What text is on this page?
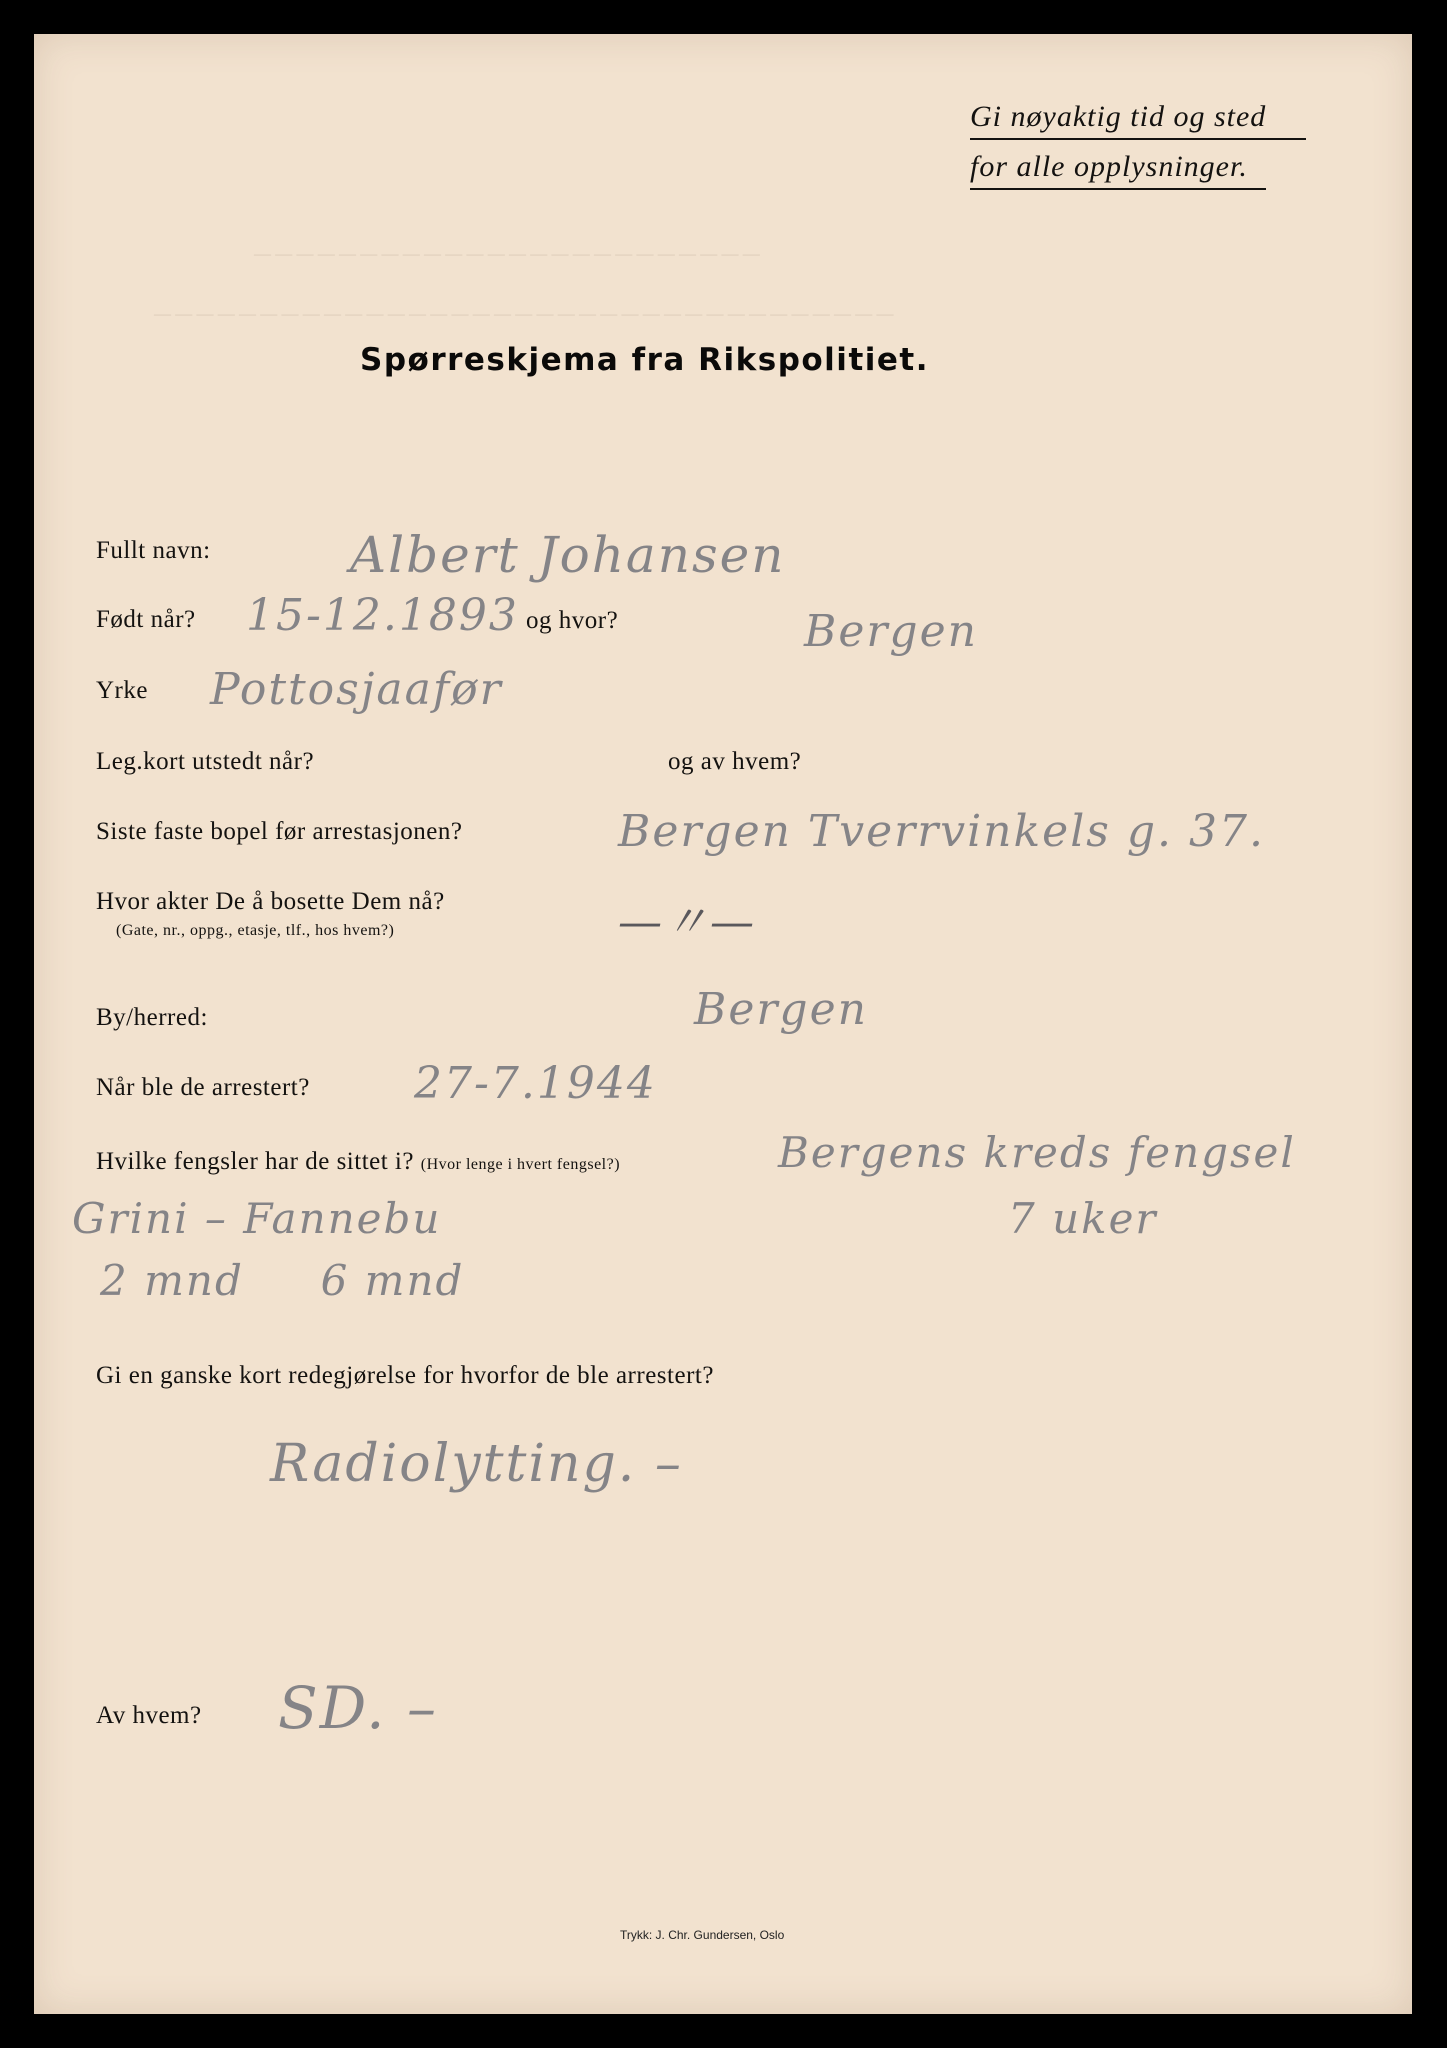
— — — — — — — — — — — — — — — — — — — — — — — —
— — — — — — — — — — — — — — — — — — — — — — — — — — — — — — — — — — —
Gi nøyaktig tid og sted
for alle opplysninger.
Spørreskjema fra Rikspolitiet.
Fullt navn:	Albert Johansen
Født når? 15-12.1893 og hvor?	Bergen
Yrke Pottosjaafør
Leg.kort utstedt når?	og av hvem?
Siste faste bopel før arrestasjonen?	Bergen Tverrvinkels g. 37.
Hvor akter De å bosette Dem nå?
(Gate, nr., oppg., etasje, tlf., hos hvem?)	—〃—
By/herred:	Bergen
Når ble de arrestert? 27-7.1944
Hvilke fengsler har de sittet i? (Hvor lenge i hvert fengsel?)	Bergens kreds fengsel
7 uker
Grini – Fannebu
2 mnd     6 mnd
Gi en ganske kort redegjørelse for hvorfor de ble arrestert?
Radiolytting. –
Av hvem? SD. –
Trykk: J. Chr. Gundersen, Oslo
